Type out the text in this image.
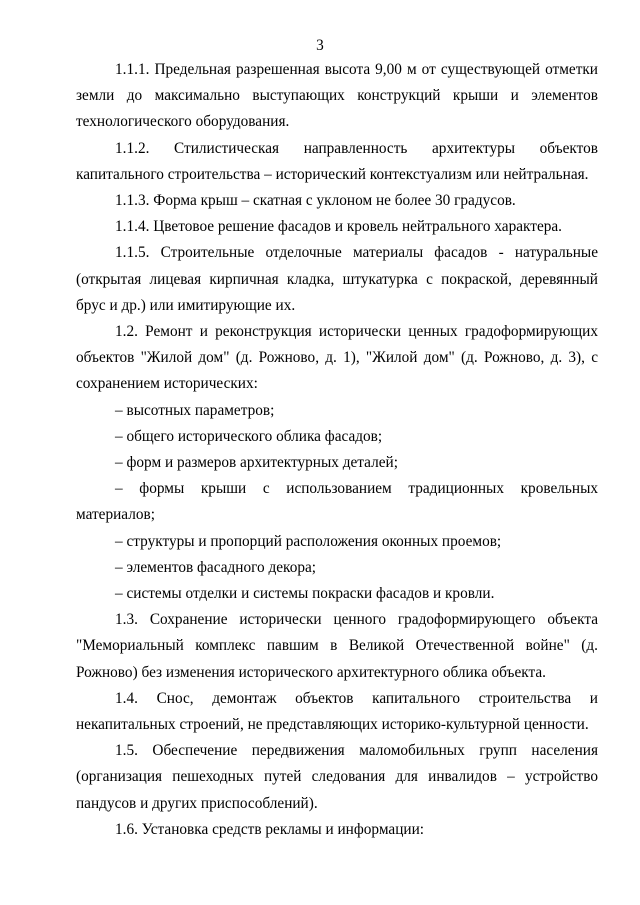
3

1.1.1. Предельная разрешенная высота 9,00 м от существующей отметки земли до максимально выступающих конструкций крыши и элементов технологического оборудования.

1.1.2. Стилистическая направленность архитектуры объектов капитального строительства – исторический контекстуализм или нейтральная.

1.1.3. Форма крыш – скатная с уклоном не более 30 градусов.

1.1.4. Цветовое решение фасадов и кровель нейтрального характера.

1.1.5. Строительные отделочные материалы фасадов - натуральные (открытая лицевая кирпичная кладка, штукатурка с покраской, деревянный брус и др.) или имитирующие их.

1.2. Ремонт и реконструкция исторически ценных градоформирующих объектов "Жилой дом" (д. Рожново, д. 1), "Жилой дом" (д. Рожново, д. 3), с сохранением исторических:

– высотных параметров;

– общего исторического облика фасадов;

– форм и размеров архитектурных деталей;

– формы крыши с использованием традиционных кровельных материалов;

– структуры и пропорций расположения оконных проемов;

– элементов фасадного декора;

– системы отделки и системы покраски фасадов и кровли.

1.3. Сохранение исторически ценного градоформирующего объекта "Мемориальный комплекс павшим в Великой Отечественной войне" (д. Рожново) без изменения исторического архитектурного облика объекта.

1.4. Снос, демонтаж объектов капитального строительства и некапитальных строений, не представляющих историко-культурной ценности.

1.5. Обеспечение передвижения маломобильных групп населения (организация пешеходных путей следования для инвалидов – устройство пандусов и других приспособлений).

1.6. Установка средств рекламы и информации:
